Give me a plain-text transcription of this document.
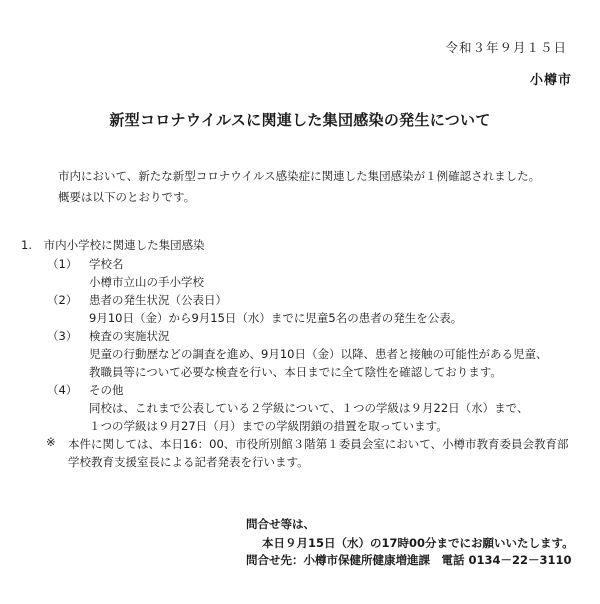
令和３年９月１５日
小樽市
新型コロナウイルスに関連した集団感染の発生について
市内において、新たな新型コロナウイルス感染症に関連した集団感染が１例確認されました。
概要は以下のとおりです。
1. 市内小学校に関連した集団感染
（1） 学校名
小樽市立山の手小学校
（2） 患者の発生状況（公表日）
9月10日（金）から9月15日（水）までに児童5名の患者の発生を公表。
（3） 検査の実施状況
児童の行動歴などの調査を進め、9月10日（金）以降、患者と接触の可能性がある児童、
教職員等について必要な検査を行い、本日までに全て陰性を確認しております。
（4） その他
同校は、これまで公表している２学級について、１つの学級は９月22日（水）まで、
１つの学級は９月27日（月）までの学級閉鎖の措置を取っています。
※ 本件に関しては、本日16：00、市役所別館３階第１委員会室において、小樽市教育委員会教育部
学校教育支援室長による記者発表を行います。
問合せ等は、
本日９月15日（水）の17時00分までにお願いいたします。
問合せ先：小樽市保健所健康増進課　電話 0134－22－3110
